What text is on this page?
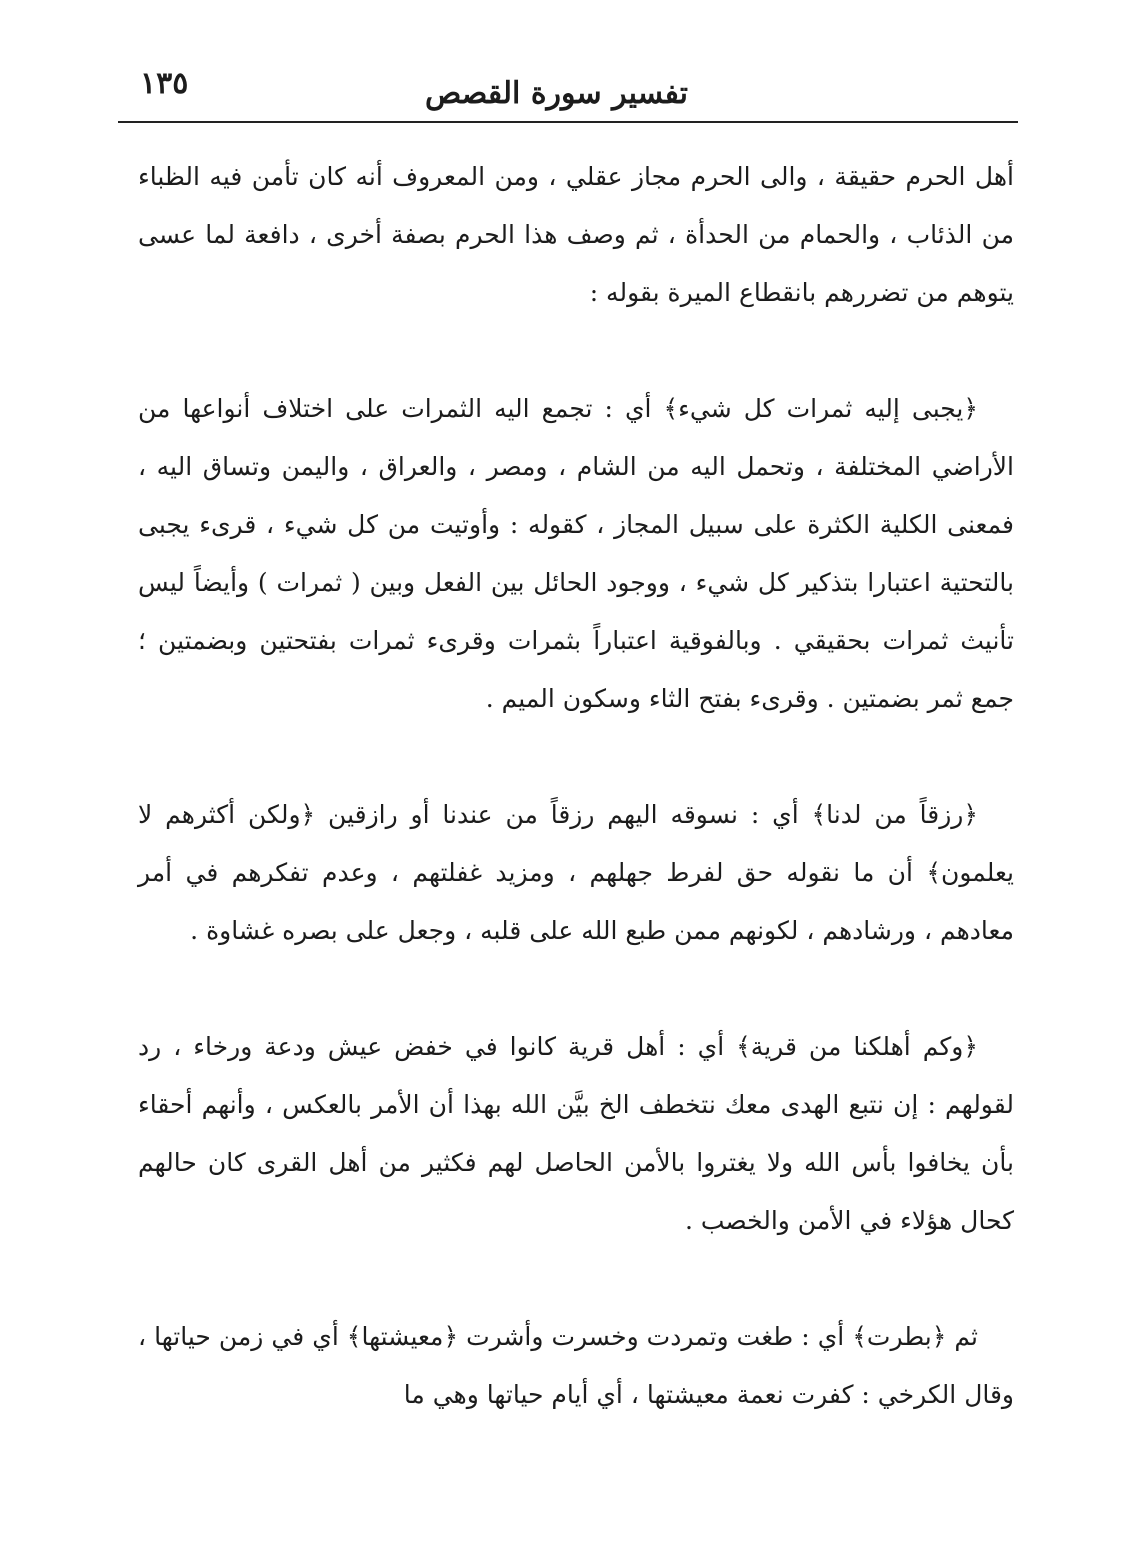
تفسير سورة القصص
١٣٥

أهل الحرم حقيقة ، والى الحرم مجاز عقلي ، ومن المعروف أنه كان تأمن فيه الظباء من الذئاب ، والحمام من الحدأة ، ثم وصف هذا الحرم بصفة أخرى ، دافعة لما عسى يتوهم من تضررهم بانقطاع الميرة بقوله :

﴿يجبى إليه ثمرات كل شيء﴾ أي : تجمع اليه الثمرات على اختلاف أنواعها من الأراضي المختلفة ، وتحمل اليه من الشام ، ومصر ، والعراق ، واليمن وتساق اليه ، فمعنى الكلية الكثرة على سبيل المجاز ، كقوله : وأوتيت من كل شيء ، قرىء يجبى بالتحتية اعتبارا بتذكير كل شيء ، ووجود الحائل بين الفعل وبين ( ثمرات ) وأيضاً ليس تأنيث ثمرات بحقيقي . وبالفوقية اعتباراً بثمرات وقرىء ثمرات بفتحتين وبضمتين ؛ جمع ثمر بضمتين . وقرىء بفتح الثاء وسكون الميم .

﴿رزقاً من لدنا﴾ أي : نسوقه اليهم رزقاً من عندنا أو رازقين ﴿ولكن أكثرهم لا يعلمون﴾ أن ما نقوله حق لفرط جهلهم ، ومزيد غفلتهم ، وعدم تفكرهم في أمر معادهم ، ورشادهم ، لكونهم ممن طبع الله على قلبه ، وجعل على بصره غشاوة .

﴿وكم أهلكنا من قرية﴾ أي : أهل قرية كانوا في خفض عيش ودعة ورخاء ، رد لقولهم : إن نتبع الهدى معك نتخطف الخ بيَّن الله بهذا أن الأمر بالعكس ، وأنهم أحقاء بأن يخافوا بأس الله ولا يغتروا بالأمن الحاصل لهم فكثير من أهل القرى كان حالهم كحال هؤلاء في الأمن والخصب .

ثم ﴿بطرت﴾ أي : طغت وتمردت وخسرت وأشرت ﴿معيشتها﴾ أي في زمن حياتها ، وقال الكرخي : كفرت نعمة معيشتها ، أي أيام حياتها وهي ما
